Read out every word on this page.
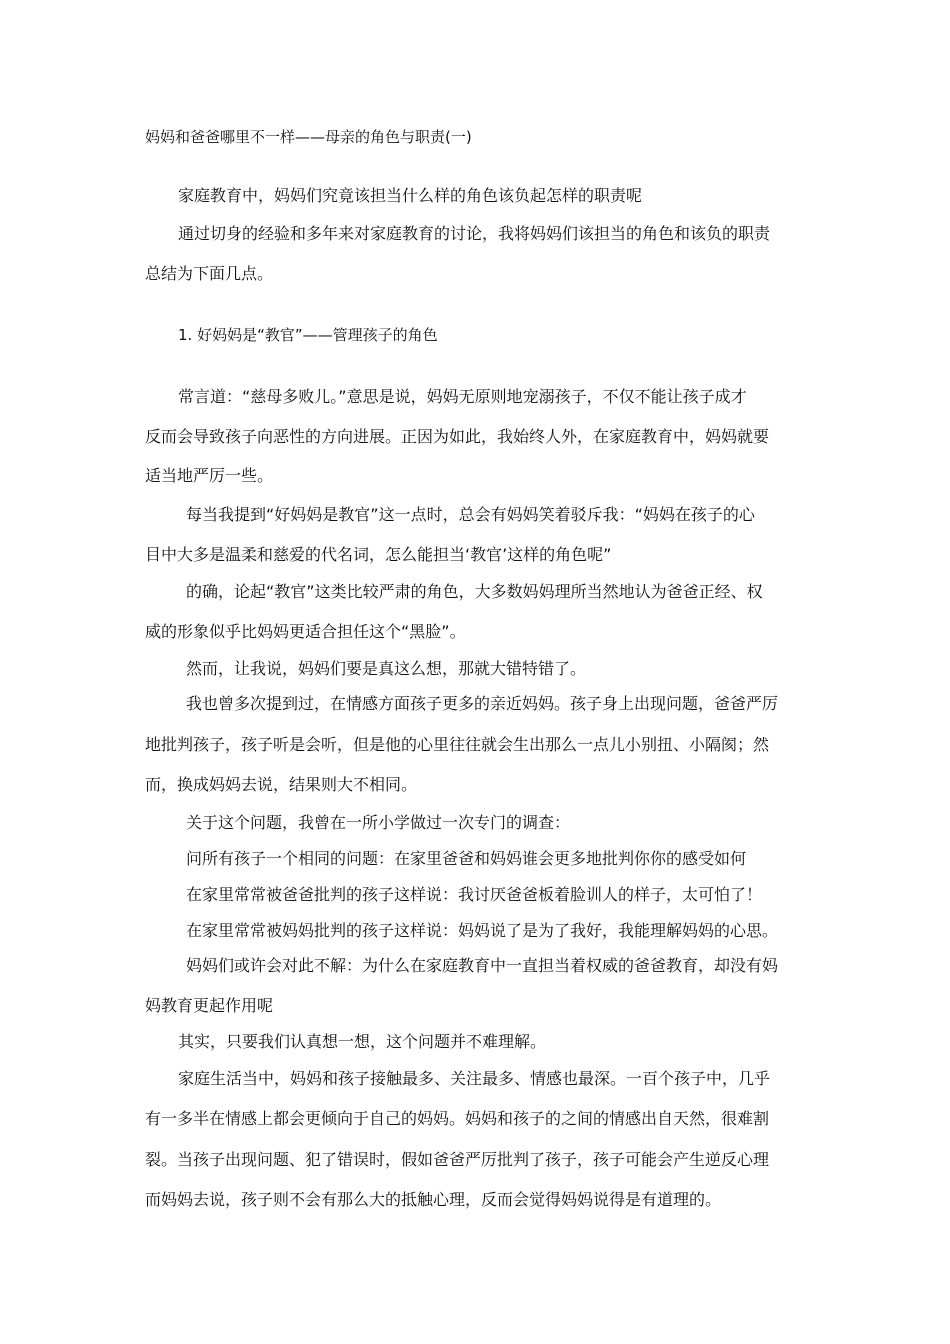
妈妈和爸爸哪里不一样——母亲的角色与职责(一)
家庭教育中，妈妈们究竟该担当什么样的角色该负起怎样的职责呢
通过切身的经验和多年来对家庭教育的讨论，我将妈妈们该担当的角色和该负的职责
总结为下面几点。
1. 好妈妈是“教官”——管理孩子的角色
常言道：“慈母多败儿。”意思是说，妈妈无原则地宠溺孩子，不仅不能让孩子成才
反而会导致孩子向恶性的方向进展。正因为如此，我始终人外，在家庭教育中，妈妈就要
适当地严厉一些。
每当我提到“好妈妈是教官”这一点时，总会有妈妈笑着驳斥我：“妈妈在孩子的心
目中大多是温柔和慈爱的代名词，怎么能担当‘教官’这样的角色呢”
的确，论起“教官”这类比较严肃的角色，大多数妈妈理所当然地认为爸爸正经、权
威的形象似乎比妈妈更适合担任这个“黑脸”。
然而，让我说，妈妈们要是真这么想，那就大错特错了。
我也曾多次提到过，在情感方面孩子更多的亲近妈妈。孩子身上出现问题，爸爸严厉
地批判孩子，孩子听是会听，但是他的心里往往就会生出那么一点儿小别扭、小隔阂；然
而，换成妈妈去说，结果则大不相同。
关于这个问题，我曾在一所小学做过一次专门的调查：
问所有孩子一个相同的问题：在家里爸爸和妈妈谁会更多地批判你你的感受如何
在家里常常被爸爸批判的孩子这样说：我讨厌爸爸板着脸训人的样子，太可怕了！
在家里常常被妈妈批判的孩子这样说：妈妈说了是为了我好，我能理解妈妈的心思。
妈妈们或许会对此不解：为什么在家庭教育中一直担当着权威的爸爸教育，却没有妈
妈教育更起作用呢
其实，只要我们认真想一想，这个问题并不难理解。
家庭生活当中，妈妈和孩子接触最多、关注最多、情感也最深。一百个孩子中，几乎
有一多半在情感上都会更倾向于自己的妈妈。妈妈和孩子的之间的情感出自天然，很难割
裂。当孩子出现问题、犯了错误时，假如爸爸严厉批判了孩子，孩子可能会产生逆反心理
而妈妈去说，孩子则不会有那么大的抵触心理，反而会觉得妈妈说得是有道理的。
